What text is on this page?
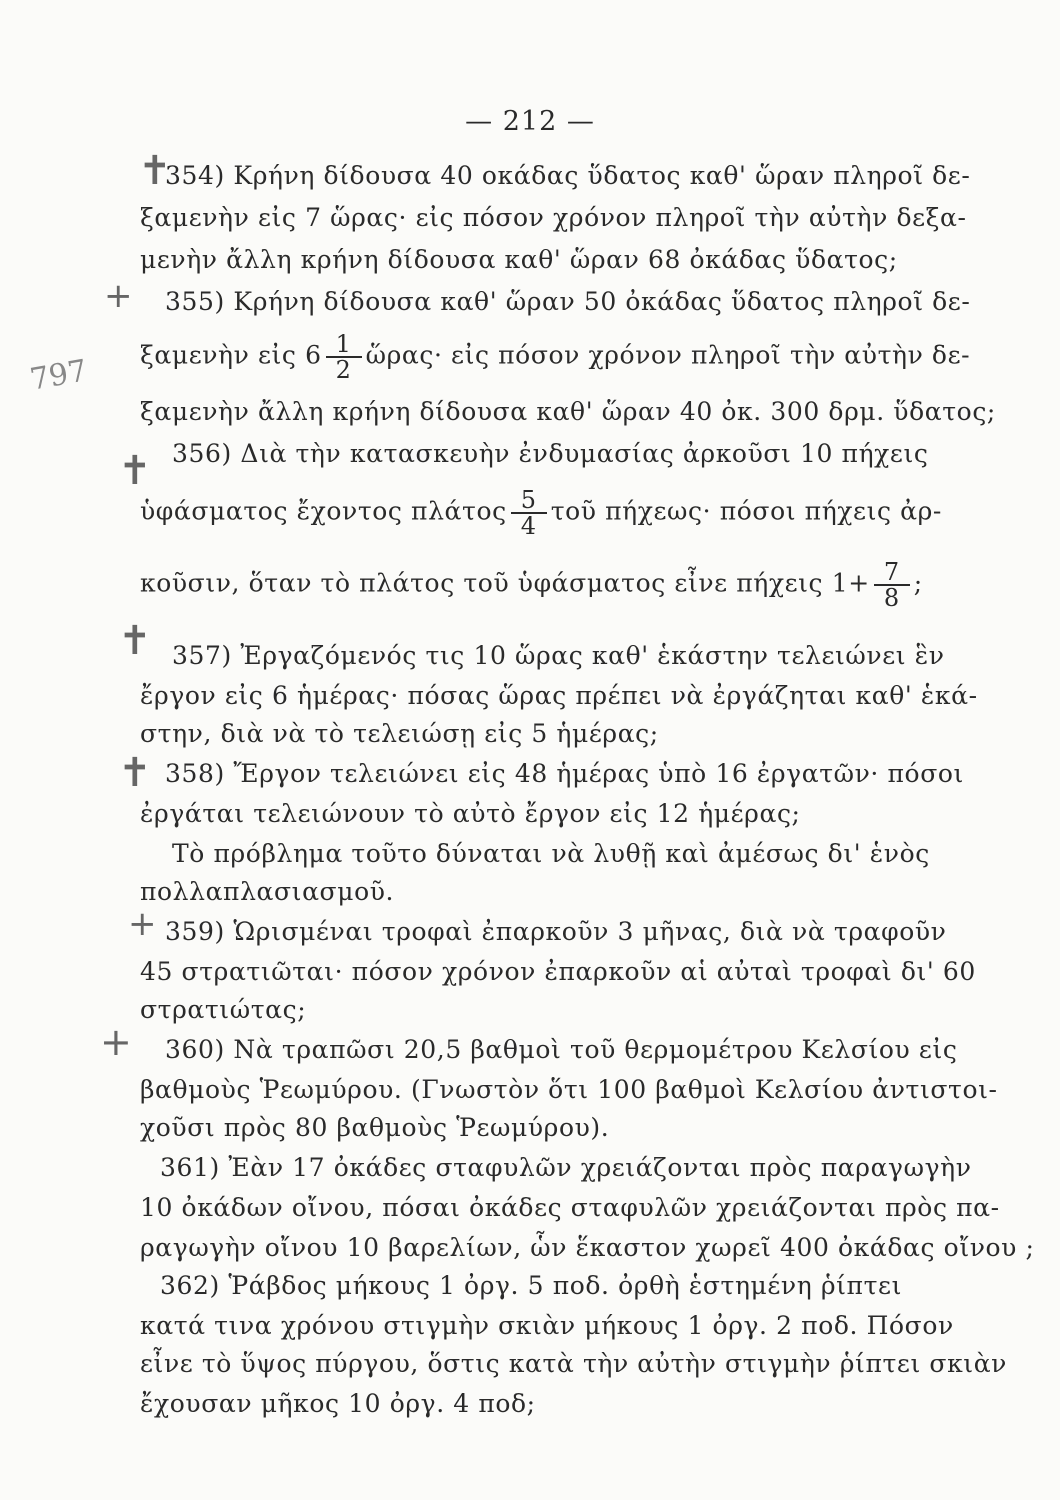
— 212 —
✝
+
797
✝
✝
✝
+
+
354) Κρήνη δίδουσα 40 οκάδας ὕδατος καθ' ὥραν πληροῖ δε-
ξαμενὴν εἰς 7 ὥρας· εἰς πόσον χρόνον πληροῖ τὴν αὐτὴν δεξα-
μενὴν ἄλλη κρήνη δίδουσα καθ' ὥραν 68 ὀκάδας ὕδατος;
355) Κρήνη δίδουσα καθ' ὥραν 50 ὀκάδας ὕδατος πληροῖ δε-
ξαμενὴν εἰς $6 \frac{1}{2}$ ὥρας· εἰς πόσον χρόνον πληροῖ τὴν αὐτὴν δε-
ξαμενὴν ἄλλη κρήνη δίδουσα καθ' ὥραν 40 ὀκ. 300 δρμ. ὕδατος;
356) Διὰ τὴν κατασκευὴν ἐνδυμασίας ἀρκοῦσι 10 πήχεις
ὑφάσματος ἔχοντος πλάτος $\frac{5}{4}$ τοῦ πήχεως· πόσοι πήχεις ἀρ-
κοῦσιν, ὅταν τὸ πλάτος τοῦ ὑφάσματος εἶνε πήχεις $1+ \frac{7}{8}$ ;
357) Ἐργαζόμενός τις 10 ὥρας καθ' ἑκάστην τελειώνει ἓν
ἔργον εἰς 6 ἡμέρας· πόσας ὥρας πρέπει νὰ ἐργάζηται καθ' ἑκά-
στην, διὰ νὰ τὸ τελειώσῃ εἰς 5 ἡμέρας;
358) Ἔργον τελειώνει εἰς 48 ἡμέρας ὑπὸ 16 ἐργατῶν· πόσοι
ἐργάται τελειώνουν τὸ αὐτὸ ἔργον εἰς 12 ἡμέρας;
Τὸ πρόβλημα τοῦτο δύναται νὰ λυθῇ καὶ ἀμέσως δι' ἑνὸς
πολλαπλασιασμοῦ.
359) Ὡρισμέναι τροφαὶ ἐπαρκοῦν 3 μῆνας, διὰ νὰ τραφοῦν
45 στρατιῶται· πόσον χρόνον ἐπαρκοῦν αἱ αὐταὶ τροφαὶ δι' 60
στρατιώτας;
360) Νὰ τραπῶσι 20,5 βαθμοὶ τοῦ θερμομέτρου Κελσίου εἰς
βαθμοὺς Ῥεωμύρου. (Γνωστὸν ὅτι 100 βαθμοὶ Κελσίου ἀντιστοι-
χοῦσι πρὸς 80 βαθμοὺς Ῥεωμύρου).
361) Ἐὰν 17 ὀκάδες σταφυλῶν χρειάζονται πρὸς παραγωγὴν
10 ὀκάδων οἴνου, πόσαι ὀκάδες σταφυλῶν χρειάζονται πρὸς πα-
ραγωγὴν οἴνου 10 βαρελίων, ὧν ἕκαστον χωρεῖ 400 ὀκάδας οἴνου ;
362) Ῥάβδος μήκους 1 ὀργ. 5 ποδ. ὀρθὴ ἑστημένη ῥίπτει
κατά τινα χρόνου στιγμὴν σκιὰν μήκους 1 ὀργ. 2 ποδ. Πόσον
εἶνε τὸ ὕψος πύργου, ὅστις κατὰ τὴν αὐτὴν στιγμὴν ῥίπτει σκιὰν
ἔχουσαν μῆκος 10 ὀργ. 4 ποδ;
